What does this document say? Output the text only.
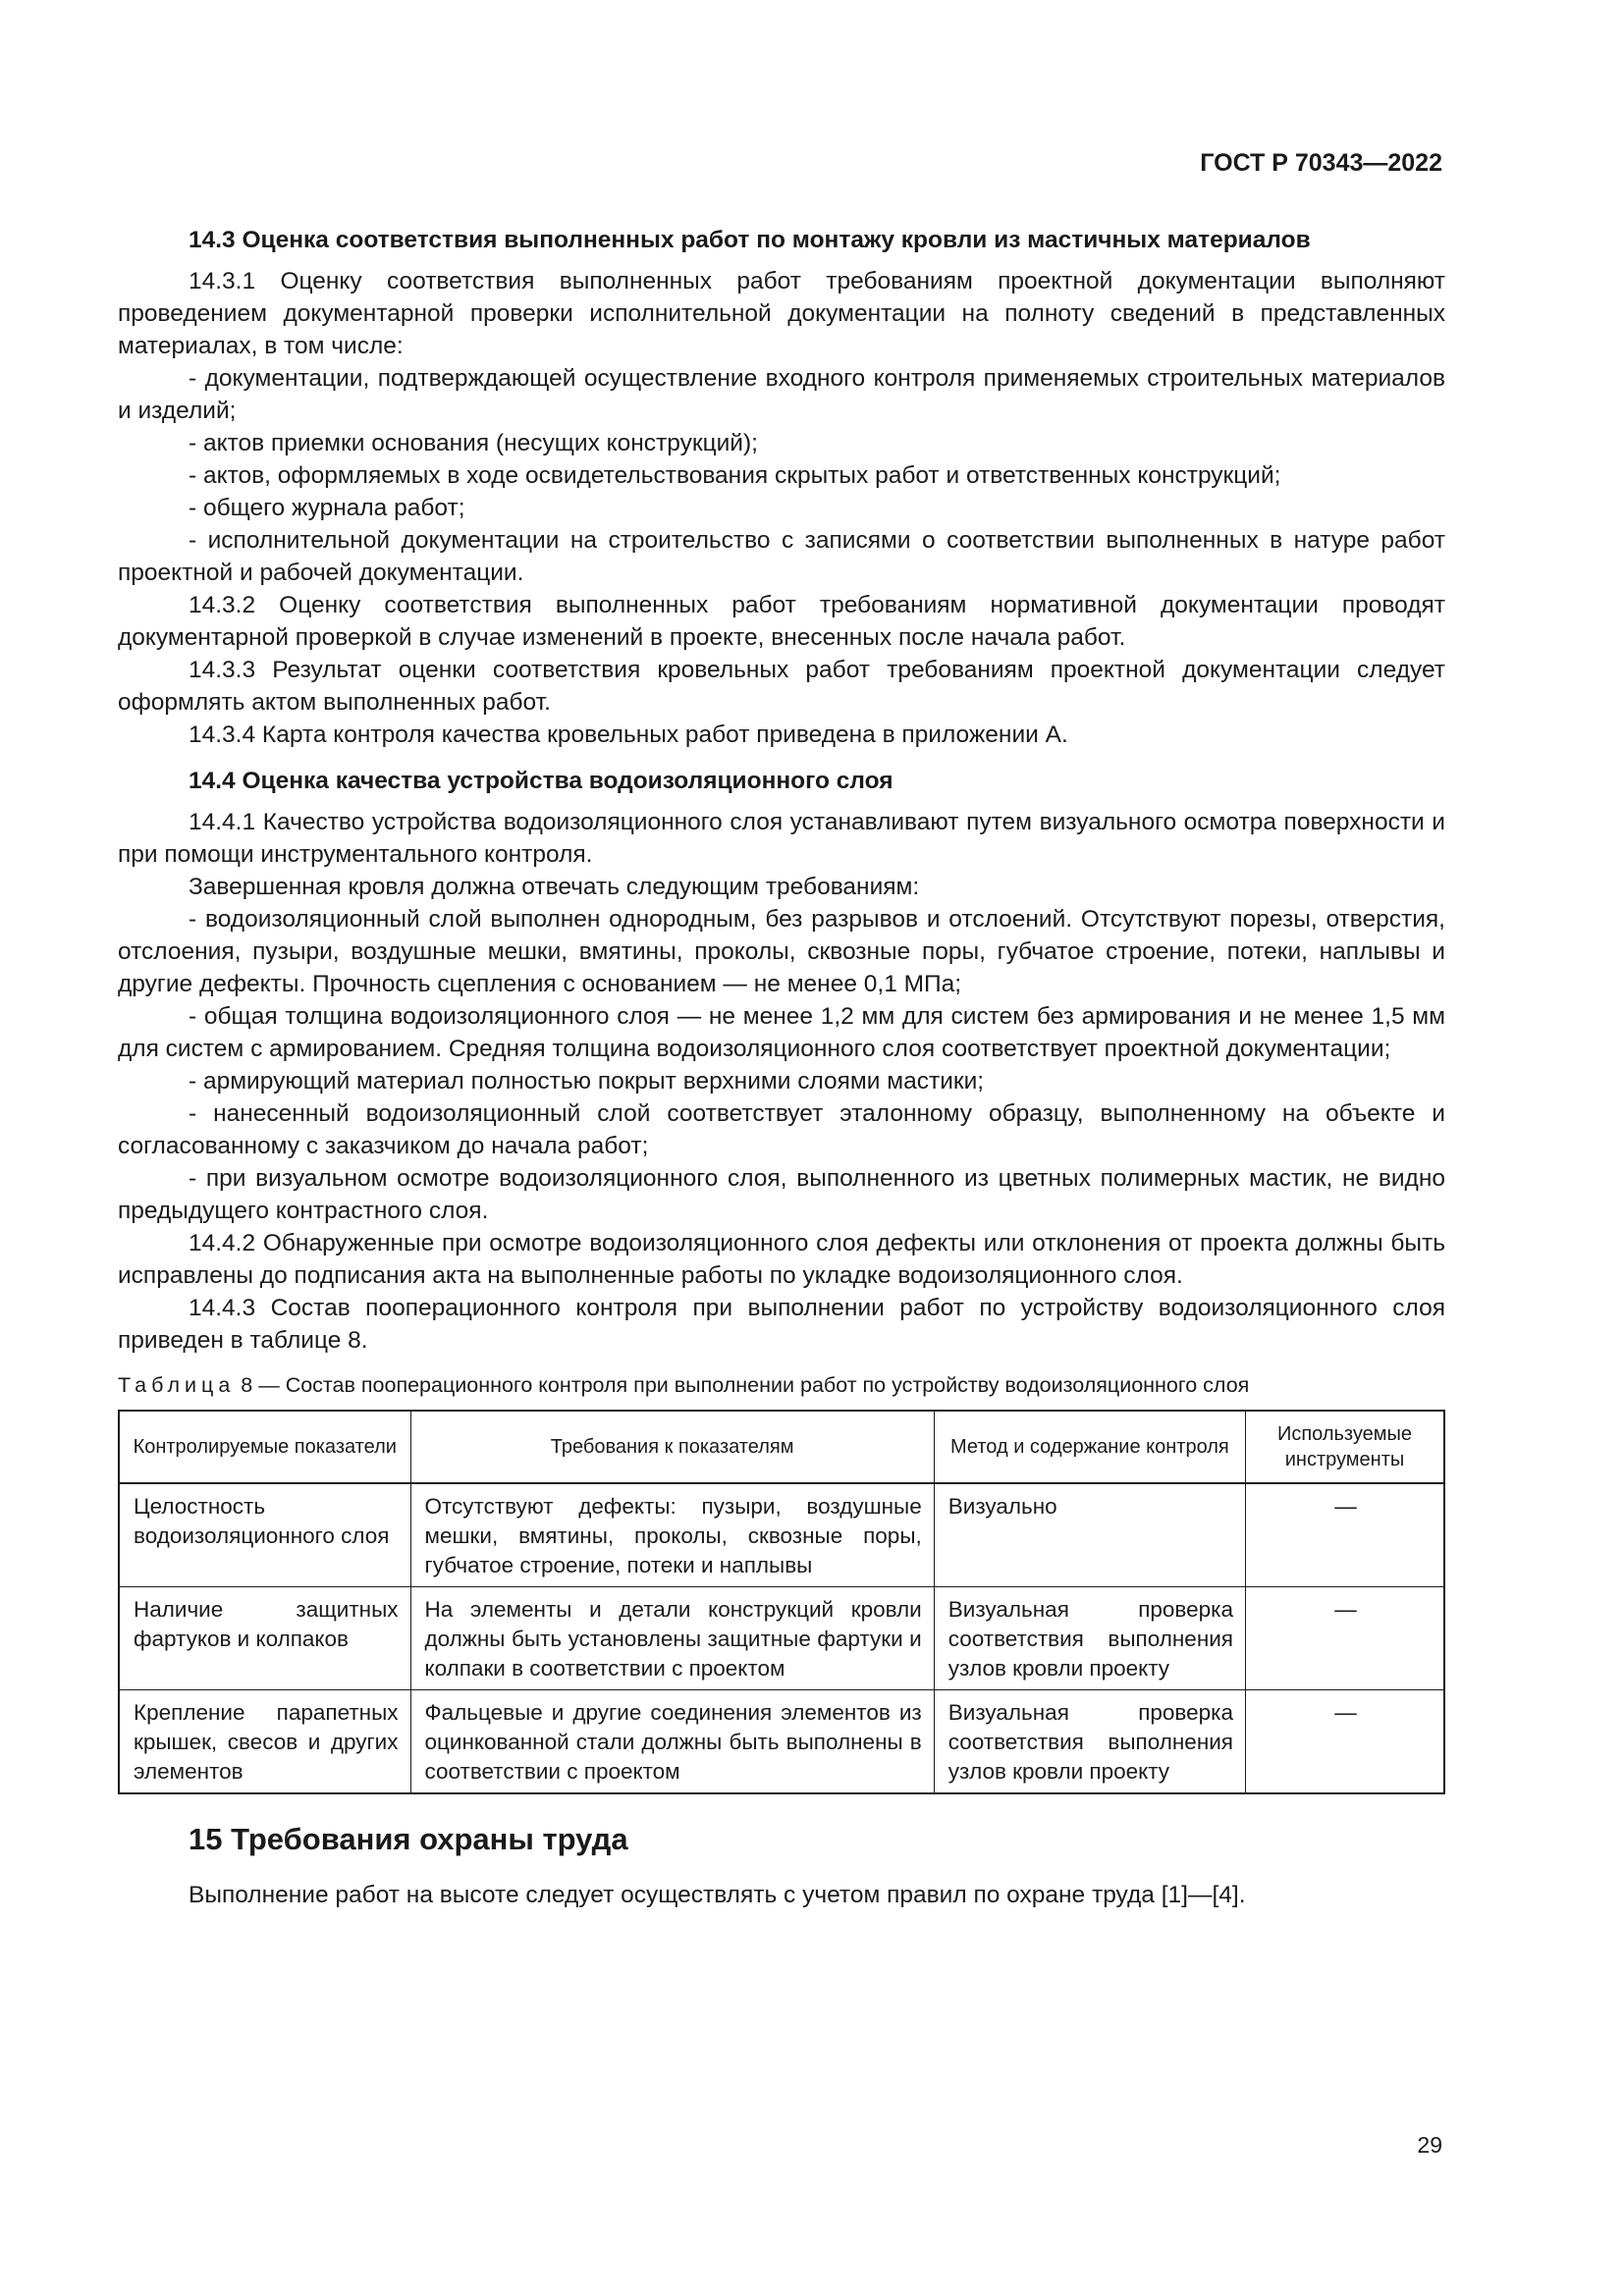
ГОСТ Р 70343—2022

14.3 Оценка соответствия выполненных работ по монтажу кровли из мастичных материалов

14.3.1 Оценку соответствия выполненных работ требованиям проектной документации выполняют проведением документарной проверки исполнительной документации на полноту сведений в представленных материалах, в том числе:

- документации, подтверждающей осуществление входного контроля применяемых строительных материалов и изделий;

- актов приемки основания (несущих конструкций);

- актов, оформляемых в ходе освидетельствования скрытых работ и ответственных конструкций;

- общего журнала работ;

- исполнительной документации на строительство с записями о соответствии выполненных в натуре работ проектной и рабочей документации.

14.3.2 Оценку соответствия выполненных работ требованиям нормативной документации проводят документарной проверкой в случае изменений в проекте, внесенных после начала работ.

14.3.3 Результат оценки соответствия кровельных работ требованиям проектной документации следует оформлять актом выполненных работ.

14.3.4 Карта контроля качества кровельных работ приведена в приложении А.

14.4 Оценка качества устройства водоизоляционного слоя

14.4.1 Качество устройства водоизоляционного слоя устанавливают путем визуального осмотра поверхности и при помощи инструментального контроля.

Завершенная кровля должна отвечать следующим требованиям:

- водоизоляционный слой выполнен однородным, без разрывов и отслоений. Отсутствуют порезы, отверстия, отслоения, пузыри, воздушные мешки, вмятины, проколы, сквозные поры, губчатое строение, потеки, наплывы и другие дефекты. Прочность сцепления с основанием — не менее 0,1 МПа;

- общая толщина водоизоляционного слоя — не менее 1,2 мм для систем без армирования и не менее 1,5 мм для систем с армированием. Средняя толщина водоизоляционного слоя соответствует проектной документации;

- армирующий материал полностью покрыт верхними слоями мастики;

- нанесенный водоизоляционный слой соответствует эталонному образцу, выполненному на объекте и согласованному с заказчиком до начала работ;

- при визуальном осмотре водоизоляционного слоя, выполненного из цветных полимерных мастик, не видно предыдущего контрастного слоя.

14.4.2 Обнаруженные при осмотре водоизоляционного слоя дефекты или отклонения от проекта должны быть исправлены до подписания акта на выполненные работы по укладке водоизоляционного слоя.

14.4.3 Состав пооперационного контроля при выполнении работ по устройству водоизоляционного слоя приведен в таблице 8.

Таблица 8 — Состав пооперационного контроля при выполнении работ по устройству водоизоляционного слоя
Контролируемые показатели	Требования к показателям	Метод и содержание контроля	Используемые инструменты
Целостность водоизоляционного слоя	Отсутствуют дефекты: пузыри, воздушные мешки, вмятины, проколы, сквозные поры, губчатое строение, потеки и наплывы	Визуально	—
Наличие защитных фартуков и колпаков	На элементы и детали конструкций кровли должны быть установлены защитные фартуки и колпаки в соответствии с проектом	Визуальная проверка соответствия выполнения узлов кровли проекту	—
Крепление парапетных крышек, свесов и других элементов	Фальцевые и другие соединения элементов из оцинкованной стали должны быть выполнены в соответствии с проектом	Визуальная проверка соответствия выполнения узлов кровли проекту	—
15 Требования охраны труда
Выполнение работ на высоте следует осуществлять с учетом правил по охране труда [1]—[4].
29
